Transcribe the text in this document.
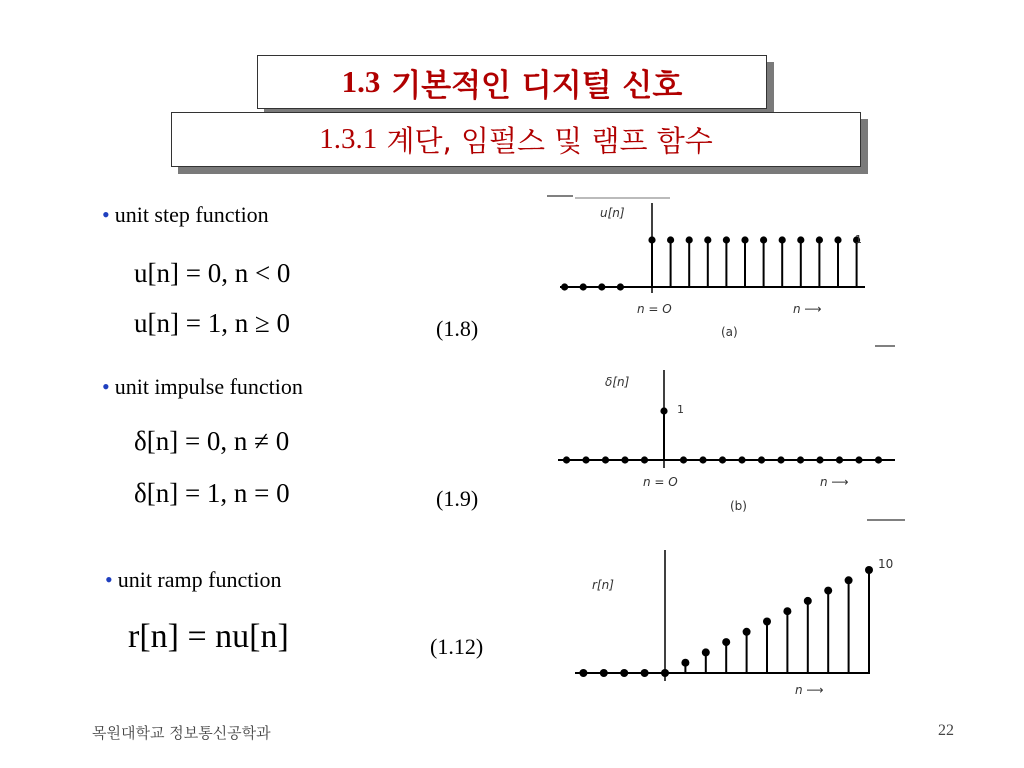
1.3
기본적인 디지털 신호
1.3.1
계단, 임펄스 및 램프 함수
• unit step function
u[n] = 0, n < 0
u[n] = 1, n ≥ 0	(1.8)
• unit impulse function
δ[n] = 0, n ≠ 0
δ[n] = 1, n = 0	(1.9)
• unit ramp function
r[n] = nu[n]	(1.12)
u[n]
1
n = O	n ⟶
(a)
δ[n]
1
n = O	n ⟶
(b)
r[n]
10
n ⟶
목원대학교 정보통신공학과	22
